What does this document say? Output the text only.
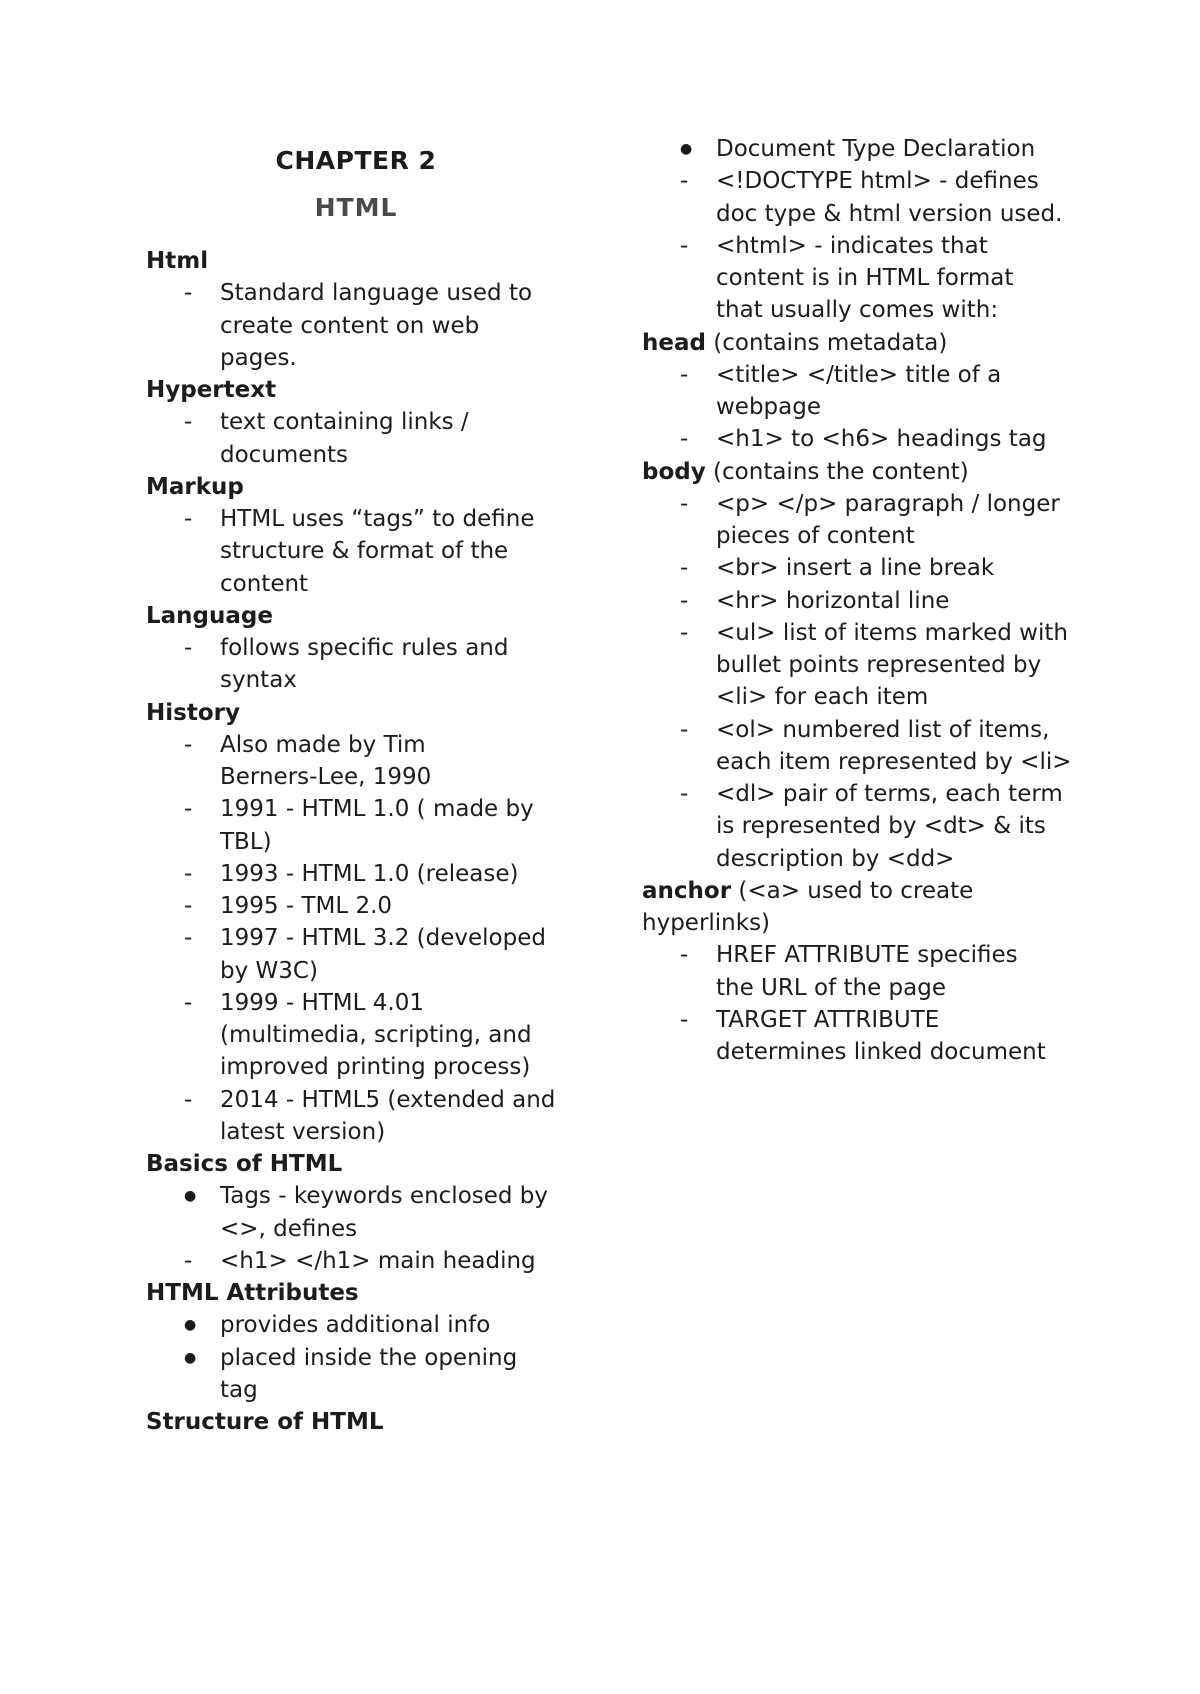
CHAPTER 2
HTML
Html
- Standard language used to
create content on web
pages.
Hypertext
- text containing links /
documents
Markup
- HTML uses “tags” to define
structure & format of the
content
Language
- follows specific rules and
syntax
History
- Also made by Tim
Berners-Lee, 1990
- 1991 - HTML 1.0 ( made by
TBL)
- 1993 - HTML 1.0 (release)
- 1995 - TML 2.0
- 1997 - HTML 3.2 (developed
by W3C)
- 1999 - HTML 4.01
(multimedia, scripting, and
improved printing process)
- 2014 - HTML5 (extended and
latest version)
Basics of HTML
● Tags - keywords enclosed by
<>, defines
- <h1> </h1> main heading
HTML Attributes
● provides additional info
● placed inside the opening
tag
Structure of HTML
● Document Type Declaration
- <!DOCTYPE html> - defines
doc type & html version used.
- <html> - indicates that
content is in HTML format
that usually comes with:
head (contains metadata)
- <title> </title> title of a
webpage
- <h1> to <h6> headings tag
body (contains the content)
- <p> </p> paragraph / longer
pieces of content
- <br> insert a line break
- <hr> horizontal line
- <ul> list of items marked with
bullet points represented by
<li> for each item
- <ol> numbered list of items,
each item represented by <li>
- <dl> pair of terms, each term
is represented by <dt> & its
description by <dd>
anchor (<a> used to create
hyperlinks)
- HREF ATTRIBUTE specifies
the URL of the page
- TARGET ATTRIBUTE
determines linked document
